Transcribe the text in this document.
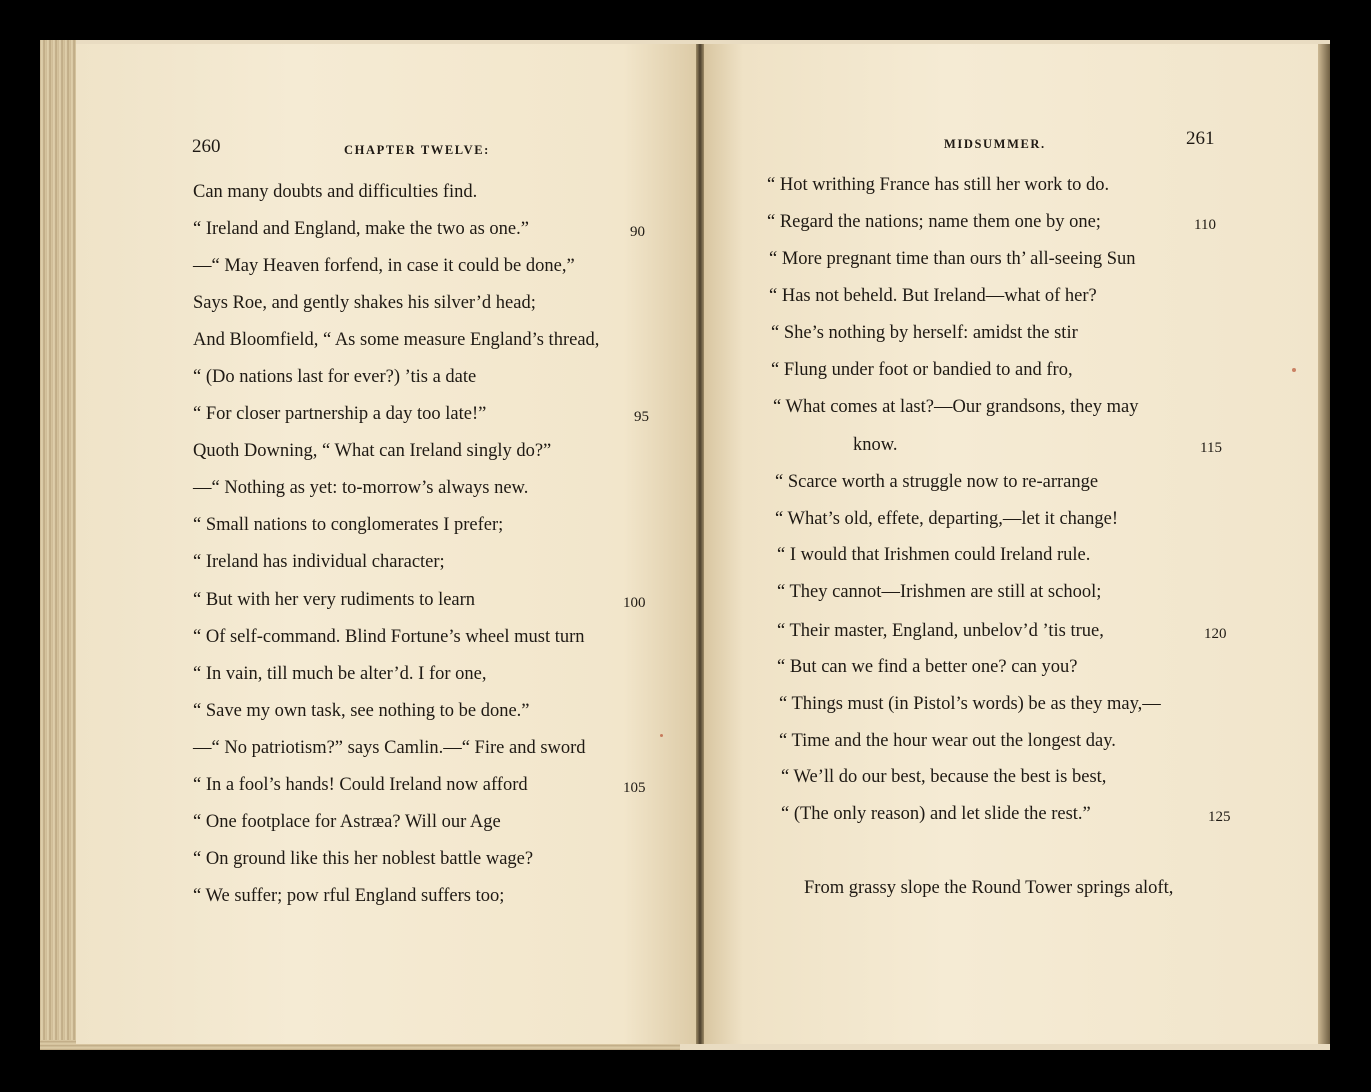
260	CHAPTER TWELVE:
Can many doubts and difficulties find.
“ Ireland and England, make the two as one.”
—“ May Heaven forfend, in case it could be done,”
Says Roe, and gently shakes his silver’d head;
And Bloomfield, “ As some measure England’s thread,
“ (Do nations last for ever?) ’tis a date
“ For closer partnership a day too late!”
Quoth Downing, “ What can Ireland singly do?”
—“ Nothing as yet: to-morrow’s always new.
“ Small nations to conglomerates I prefer;
“ Ireland has individual character;
“ But with her very rudiments to learn
“ Of self-command. Blind Fortune’s wheel must turn
“ In vain, till much be alter’d. I for one,
“ Save my own task, see nothing to be done.”
—“ No patriotism?” says Camlin.—“ Fire and sword
“ In a fool’s hands! Could Ireland now afford
“ One footplace for Astræa? Will our Age
“ On ground like this her noblest battle wage?
“ We suffer; pow rful England suffers too;
90
95
100
105
MIDSUMMER.	261
“ Hot writhing France has still her work to do.
“ Regard the nations; name them one by one;
“ More pregnant time than ours th’ all-seeing Sun
“ Has not beheld. But Ireland—what of her?
“ She’s nothing by herself: amidst the stir
“ Flung under foot or bandied to and fro,
“ What comes at last?—Our grandsons, they may
know.
“ Scarce worth a struggle now to re-arrange
“ What’s old, effete, departing,—let it change!
“ I would that Irishmen could Ireland rule.
“ They cannot—Irishmen are still at school;
“ Their master, England, unbelov’d ’tis true,
“ But can we find a better one? can you?
“ Things must (in Pistol’s words) be as they may,—
“ Time and the hour wear out the longest day.
“ We’ll do our best, because the best is best,
“ (The only reason) and let slide the rest.”
From grassy slope the Round Tower springs aloft,
110
115
120
125
